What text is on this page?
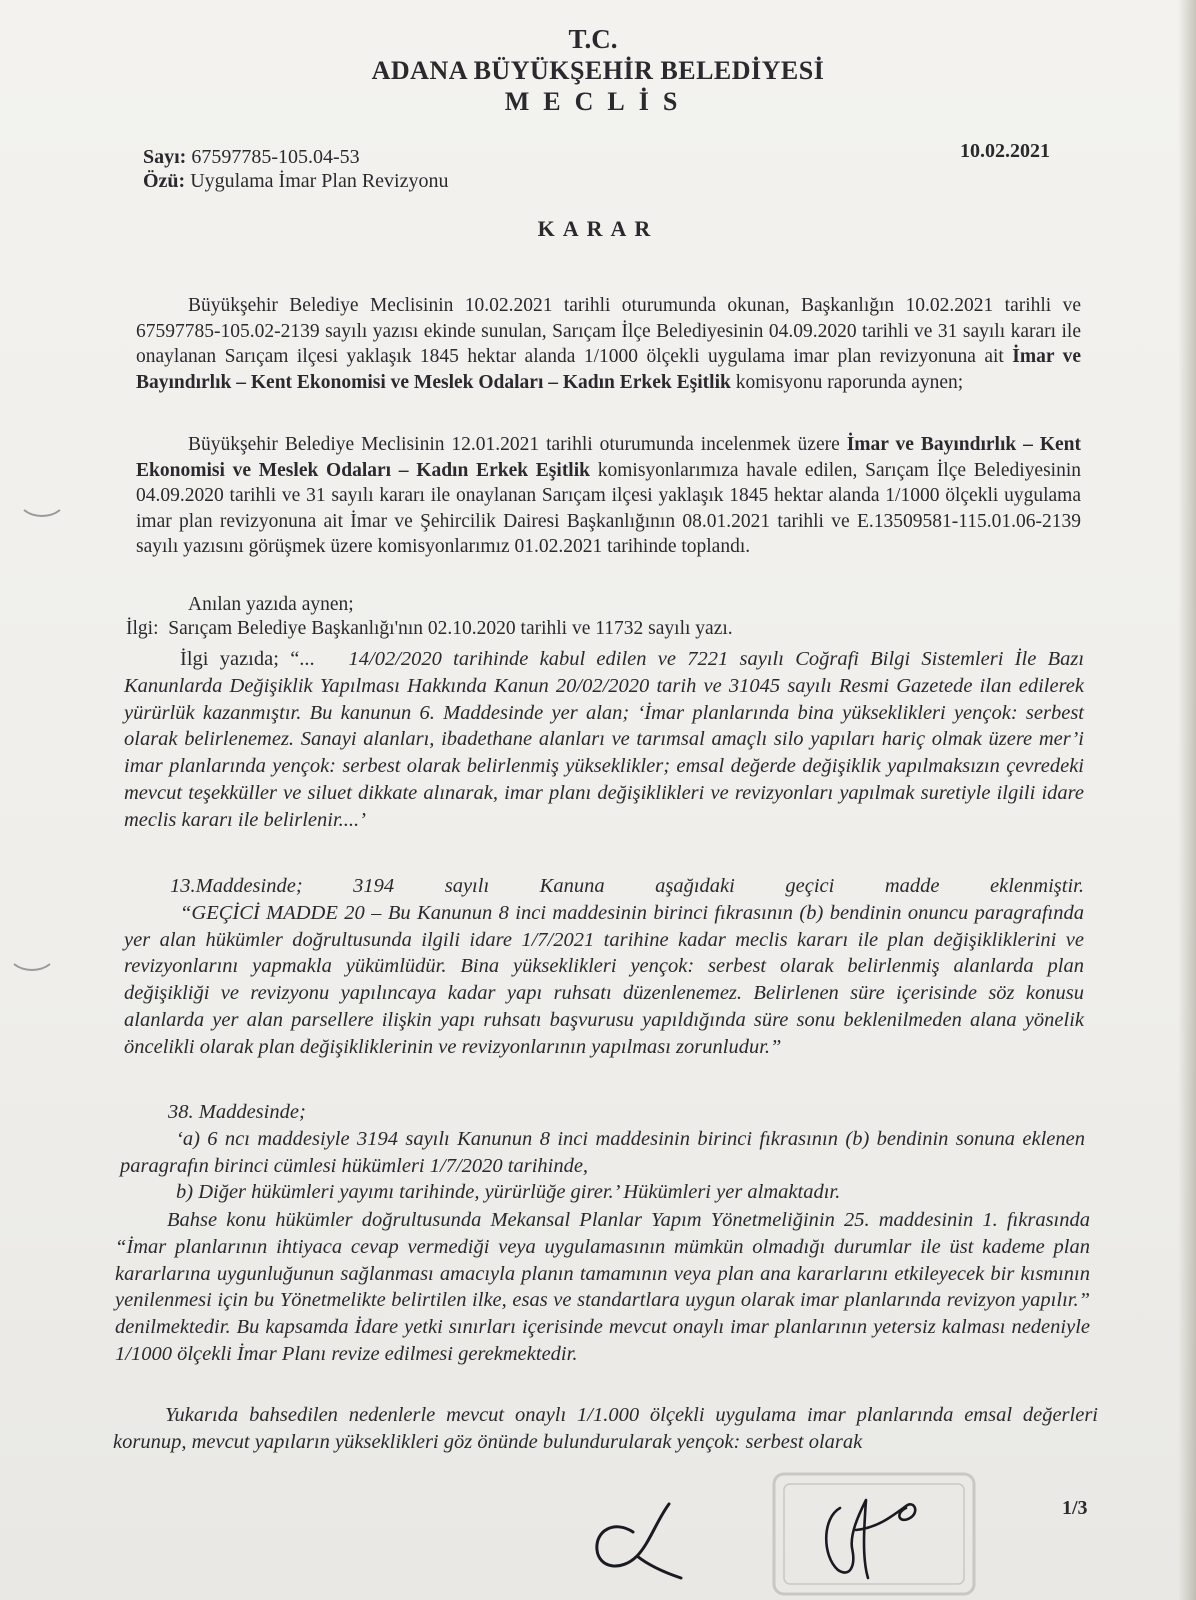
T.C.
ADANA BÜYÜKŞEHİR BELEDİYESİ
MECLİS
Sayı: 67597785-105.04-53
Özü: Uygulama İmar Plan Revizyonu
10.02.2021
KARAR
Büyükşehir Belediye Meclisinin 10.02.2021 tarihli oturumunda okunan, Başkanlığın 10.02.2021 tarihli ve 67597785-105.02-2139 sayılı yazısı ekinde sunulan, Sarıçam İlçe Belediyesinin 04.09.2020 tarihli ve 31 sayılı kararı ile onaylanan Sarıçam ilçesi yaklaşık 1845 hektar alanda 1/1000 ölçekli uygulama imar plan revizyonuna ait İmar ve Bayındırlık – Kent Ekonomisi ve Meslek Odaları – Kadın Erkek Eşitlik komisyonu raporunda aynen;
Büyükşehir Belediye Meclisinin 12.01.2021 tarihli oturumunda incelenmek üzere İmar ve Bayındırlık – Kent Ekonomisi ve Meslek Odaları – Kadın Erkek Eşitlik komisyonlarımıza havale edilen, Sarıçam İlçe Belediyesinin 04.09.2020 tarihli ve 31 sayılı kararı ile onaylanan Sarıçam ilçesi yaklaşık 1845 hektar alanda 1/1000 ölçekli uygulama imar plan revizyonuna ait İmar ve Şehircilik Dairesi Başkanlığının 08.01.2021 tarihli ve E.13509581-115.01.06-2139 sayılı yazısını görüşmek üzere komisyonlarımız 01.02.2021 tarihinde toplandı.
Anılan yazıda aynen;
İlgi: Sarıçam Belediye Başkanlığı'nın 02.10.2020 tarihli ve 11732 sayılı yazı.
İlgi yazıda; “... 14/02/2020 tarihinde kabul edilen ve 7221 sayılı Coğrafi Bilgi Sistemleri İle Bazı Kanunlarda Değişiklik Yapılması Hakkında Kanun 20/02/2020 tarih ve 31045 sayılı Resmi Gazetede ilan edilerek yürürlük kazanmıştır. Bu kanunun 6. Maddesinde yer alan; ‘İmar planlarında bina yükseklikleri yençok: serbest olarak belirlenemez. Sanayi alanları, ibadethane alanları ve tarımsal amaçlı silo yapıları hariç olmak üzere mer’i imar planlarında yençok: serbest olarak belirlenmiş yükseklikler; emsal değerde değişiklik yapılmaksızın çevredeki mevcut teşekküller ve siluet dikkate alınarak, imar planı değişiklikleri ve revizyonları yapılmak suretiyle ilgili idare meclis kararı ile belirlenir....’
13.Maddesinde;   3194   sayılı   Kanuna   aşağıdaki   geçici   madde   eklenmiştir.
“GEÇİCİ MADDE 20 – Bu Kanunun 8 inci maddesinin birinci fıkrasının (b) bendinin onuncu paragrafında yer alan hükümler doğrultusunda ilgili idare 1/7/2021 tarihine kadar meclis kararı ile plan değişikliklerini ve revizyonlarını yapmakla yükümlüdür. Bina yükseklikleri yençok: serbest olarak belirlenmiş alanlarda plan değişikliği ve revizyonu yapılıncaya kadar yapı ruhsatı düzenlenemez. Belirlenen süre içerisinde söz konusu alanlarda yer alan parsellere ilişkin yapı ruhsatı başvurusu yapıldığında süre sonu beklenilmeden alana yönelik öncelikli olarak plan değişikliklerinin ve revizyonlarının yapılması zorunludur.”
38. Maddesinde;
‘a) 6 ncı maddesiyle 3194 sayılı Kanunun 8 inci maddesinin birinci fıkrasının (b) bendinin sonuna eklenen paragrafın birinci cümlesi hükümleri 1/7/2020 tarihinde,
b) Diğer hükümleri yayımı tarihinde, yürürlüğe girer.’ Hükümleri yer almaktadır.
Bahse konu hükümler doğrultusunda Mekansal Planlar Yapım Yönetmeliğinin 25. maddesinin 1. fıkrasında “İmar planlarının ihtiyaca cevap vermediği veya uygulamasının mümkün olmadığı durumlar ile üst kademe plan kararlarına uygunluğunun sağlanması amacıyla planın tamamının veya plan ana kararlarını etkileyecek bir kısmının yenilenmesi için bu Yönetmelikte belirtilen ilke, esas ve standartlara uygun olarak imar planlarında revizyon yapılır.” denilmektedir. Bu kapsamda İdare yetki sınırları içerisinde mevcut onaylı imar planlarının yetersiz kalması nedeniyle 1/1000 ölçekli İmar Planı revize edilmesi gerekmektedir.
Yukarıda bahsedilen nedenlerle mevcut onaylı 1/1.000 ölçekli uygulama imar planlarında emsal değerleri korunup, mevcut yapıların yükseklikleri göz önünde bulundurularak yençok: serbest olarak
1/3
